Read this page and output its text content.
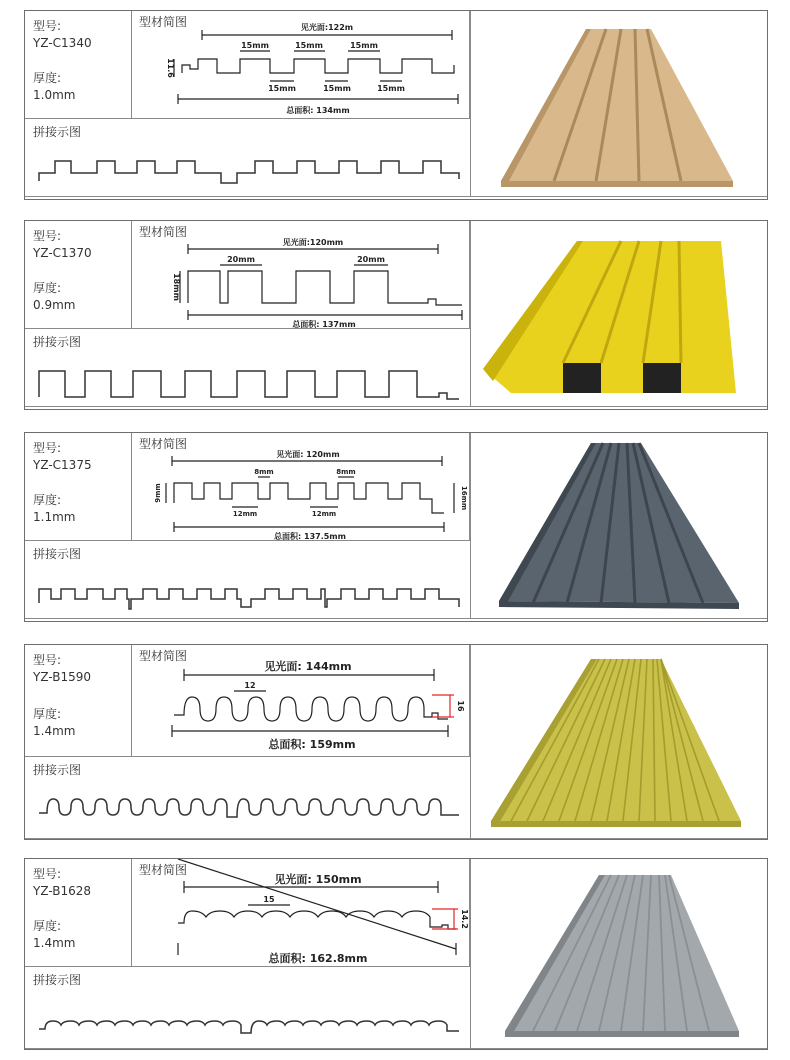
型号:
YZ-C1340
厚度:
1.0mm
型材简图	见光面:122m
总面积: 134mm
15mm	15mm	15mm
15mm	15mm	15mm
11.6
拼接示图
型号:
YZ-C1370
厚度:
0.9mm
型材简图
见光面:120mm
总面积: 137mm
20mm	20mm
18mm
拼接示图
型号:
YZ-C1375
厚度:
1.1mm
型材简图
见光面: 120mm
总面积: 137.5mm
8mm	8mm
12mm	12mm
9mm	16mm
拼接示图
型号:
YZ-B1590
厚度:
1.4mm
型材简图
见光面: 144mm
总面积: 159mm
12
16
拼接示图
型号:
YZ-B1628
厚度:
1.4mm
型材简图
见光面: 150mm
总面积: 162.8mm
15
14.2
拼接示图
